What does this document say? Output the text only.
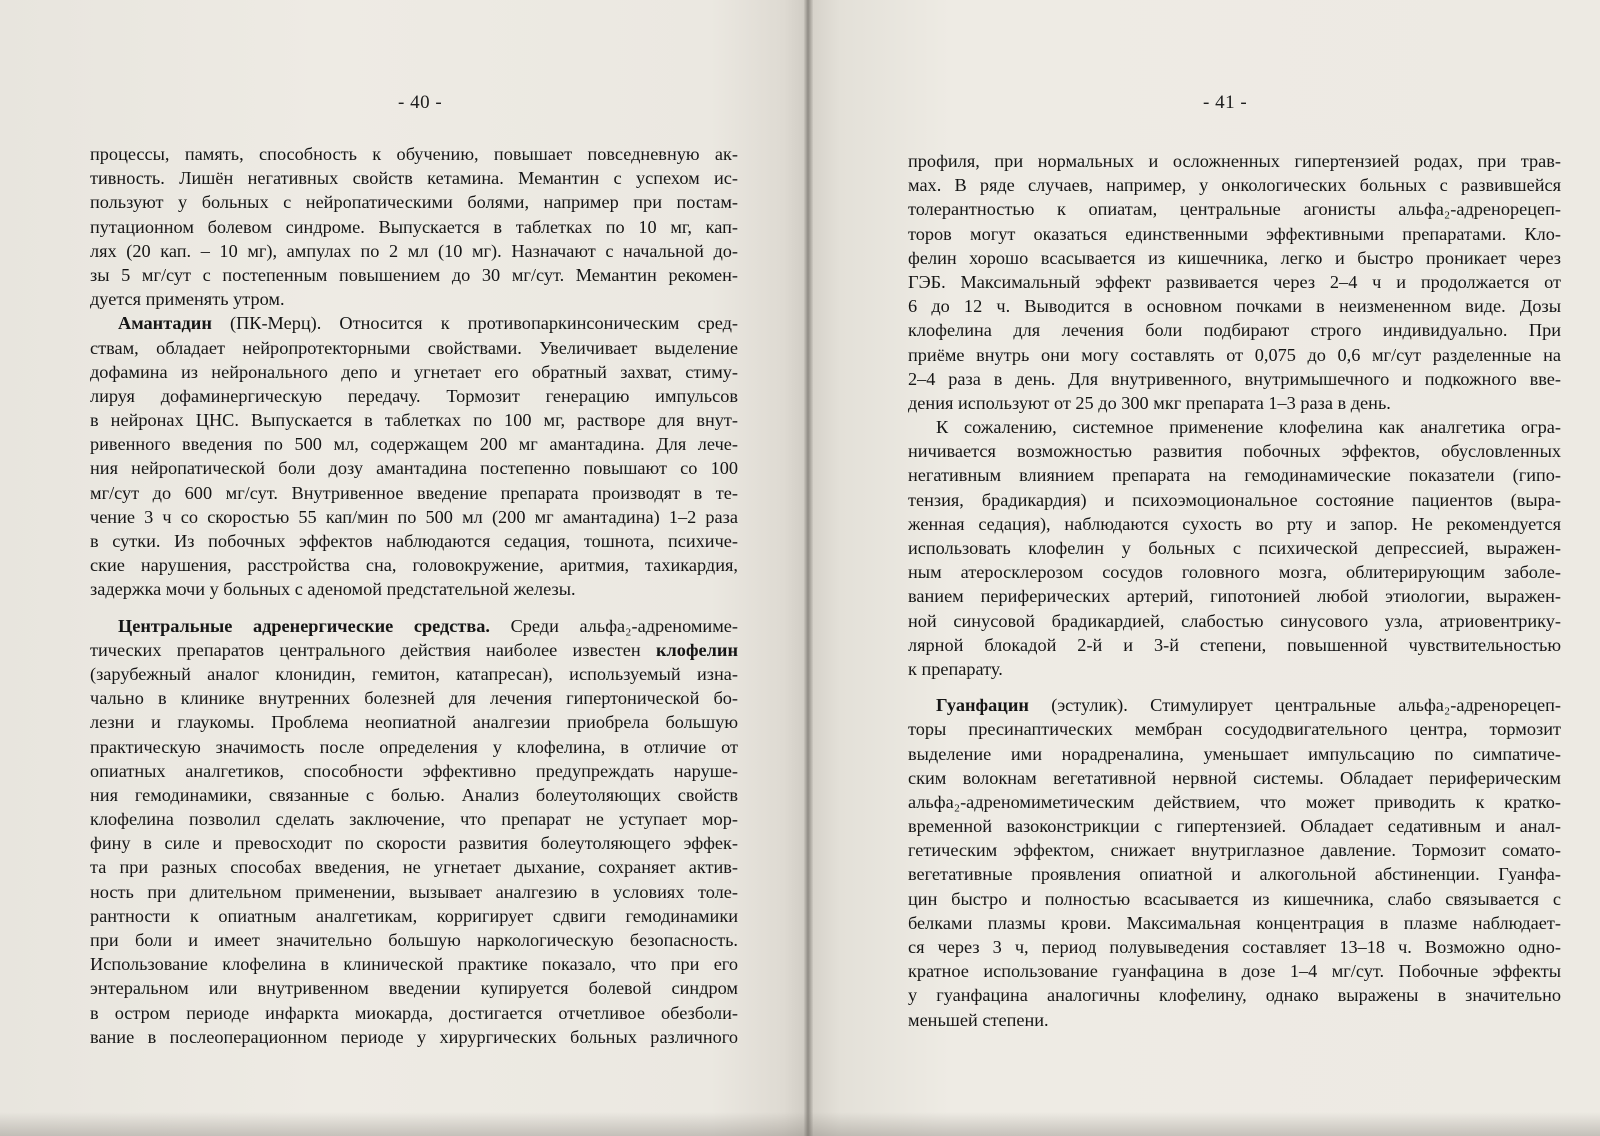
- 40 -
процессы, память, способность к обучению, повышает повседневную ак-
тивность. Лишён негативных свойств кетамина. Мемантин с успехом ис-
пользуют у больных с нейропатическими болями, например при постам-
путационном болевом синдроме. Выпускается в таблетках по 10 мг, кап-
лях (20 кап. – 10 мг), ампулах по 2 мл (10 мг). Назначают с начальной до-
зы 5 мг/сут с постепенным повышением до 30 мг/сут. Мемантин рекомен-
дуется применять утром.
Амантадин (ПК-Мерц). Относится к противопаркинсоническим сред-
ствам, обладает нейропротекторными свойствами. Увеличивает выделение
дофамина из нейронального депо и угнетает его обратный захват, стиму-
лируя дофаминергическую передачу. Тормозит генерацию импульсов
в нейронах ЦНС. Выпускается в таблетках по 100 мг, растворе для внут-
ривенного введения по 500 мл, содержащем 200 мг амантадина. Для лече-
ния нейропатической боли дозу амантадина постепенно повышают со 100
мг/сут до 600 мг/сут. Внутривенное введение препарата производят в те-
чение 3 ч со скоростью 55 кап/мин по 500 мл (200 мг амантадина) 1–2 раза
в сутки. Из побочных эффектов наблюдаются седация, тошнота, психиче-
ские нарушения, расстройства сна, головокружение, аритмия, тахикардия,
задержка мочи у больных с аденомой предстательной железы.
Центральные адренергические средства. Среди альфа₂-адреномиме-
тических препаратов центрального действия наиболее известен клофелин
(зарубежный аналог клонидин, гемитон, катапресан), используемый изна-
чально в клинике внутренних болезней для лечения гипертонической бо-
лезни и глаукомы. Проблема неопиатной аналгезии приобрела большую
практическую значимость после определения у клофелина, в отличие от
опиатных аналгетиков, способности эффективно предупреждать наруше-
ния гемодинамики, связанные с болью. Анализ болеутоляющих свойств
клофелина позволил сделать заключение, что препарат не уступает мор-
фину в силе и превосходит по скорости развития болеутоляющего эффек-
та при разных способах введения, не угнетает дыхание, сохраняет актив-
ность при длительном применении, вызывает аналгезию в условиях толе-
рантности к опиатным аналгетикам, корригирует сдвиги гемодинамики
при боли и имеет значительно большую наркологическую безопасность.
Использование клофелина в клинической практике показало, что при его
энтеральном или внутривенном введении купируется болевой синдром
в остром периоде инфаркта миокарда, достигается отчетливое обезболи-
вание в послеоперационном периоде у хирургических больных различного
- 41 -
профиля, при нормальных и осложненных гипертензией родах, при трав-
мах. В ряде случаев, например, у онкологических больных с развившейся
толерантностью к опиатам, центральные агонисты альфа₂-адренорецеп-
торов могут оказаться единственными эффективными препаратами. Кло-
фелин хорошо всасывается из кишечника, легко и быстро проникает через
ГЭБ. Максимальный эффект развивается через 2–4 ч и продолжается от
6 до 12 ч. Выводится в основном почками в неизмененном виде. Дозы
клофелина для лечения боли подбирают строго индивидуально. При
приёме внутрь они могу составлять от 0,075 до 0,6 мг/сут разделенные на
2–4 раза в день. Для внутривенного, внутримышечного и подкожного вве-
дения используют от 25 до 300 мкг препарата 1–3 раза в день.
К сожалению, системное применение клофелина как аналгетика огра-
ничивается возможностью развития побочных эффектов, обусловленных
негативным влиянием препарата на гемодинамические показатели (гипо-
тензия, брадикардия) и психоэмоциональное состояние пациентов (выра-
женная седация), наблюдаются сухость во рту и запор. Не рекомендуется
использовать клофелин у больных с психической депрессией, выражен-
ным атеросклерозом сосудов головного мозга, облитерирующим заболе-
ванием периферических артерий, гипотонией любой этиологии, выражен-
ной синусовой брадикардией, слабостью синусового узла, атриовентрику-
лярной блокадой 2-й и 3-й степени, повышенной чувствительностью
к препарату.
Гуанфацин (эстулик). Стимулирует центральные альфа₂-адренорецеп-
торы пресинаптических мембран сосудодвигательного центра, тормозит
выделение ими норадреналина, уменьшает импульсацию по симпатиче-
ским волокнам вегетативной нервной системы. Обладает периферическим
альфа₂-адреномиметическим действием, что может приводить к кратко-
временной вазоконстрикции с гипертензией. Обладает седативным и анал-
гетическим эффектом, снижает внутриглазное давление. Тормозит сомато-
вегетативные проявления опиатной и алкогольной абстиненции. Гуанфа-
цин быстро и полностью всасывается из кишечника, слабо связывается с
белками плазмы крови. Максимальная концентрация в плазме наблюдает-
ся через 3 ч, период полувыведения составляет 13–18 ч. Возможно одно-
кратное использование гуанфацина в дозе 1–4 мг/сут. Побочные эффекты
у гуанфацина аналогичны клофелину, однако выражены в значительно
меньшей степени.
